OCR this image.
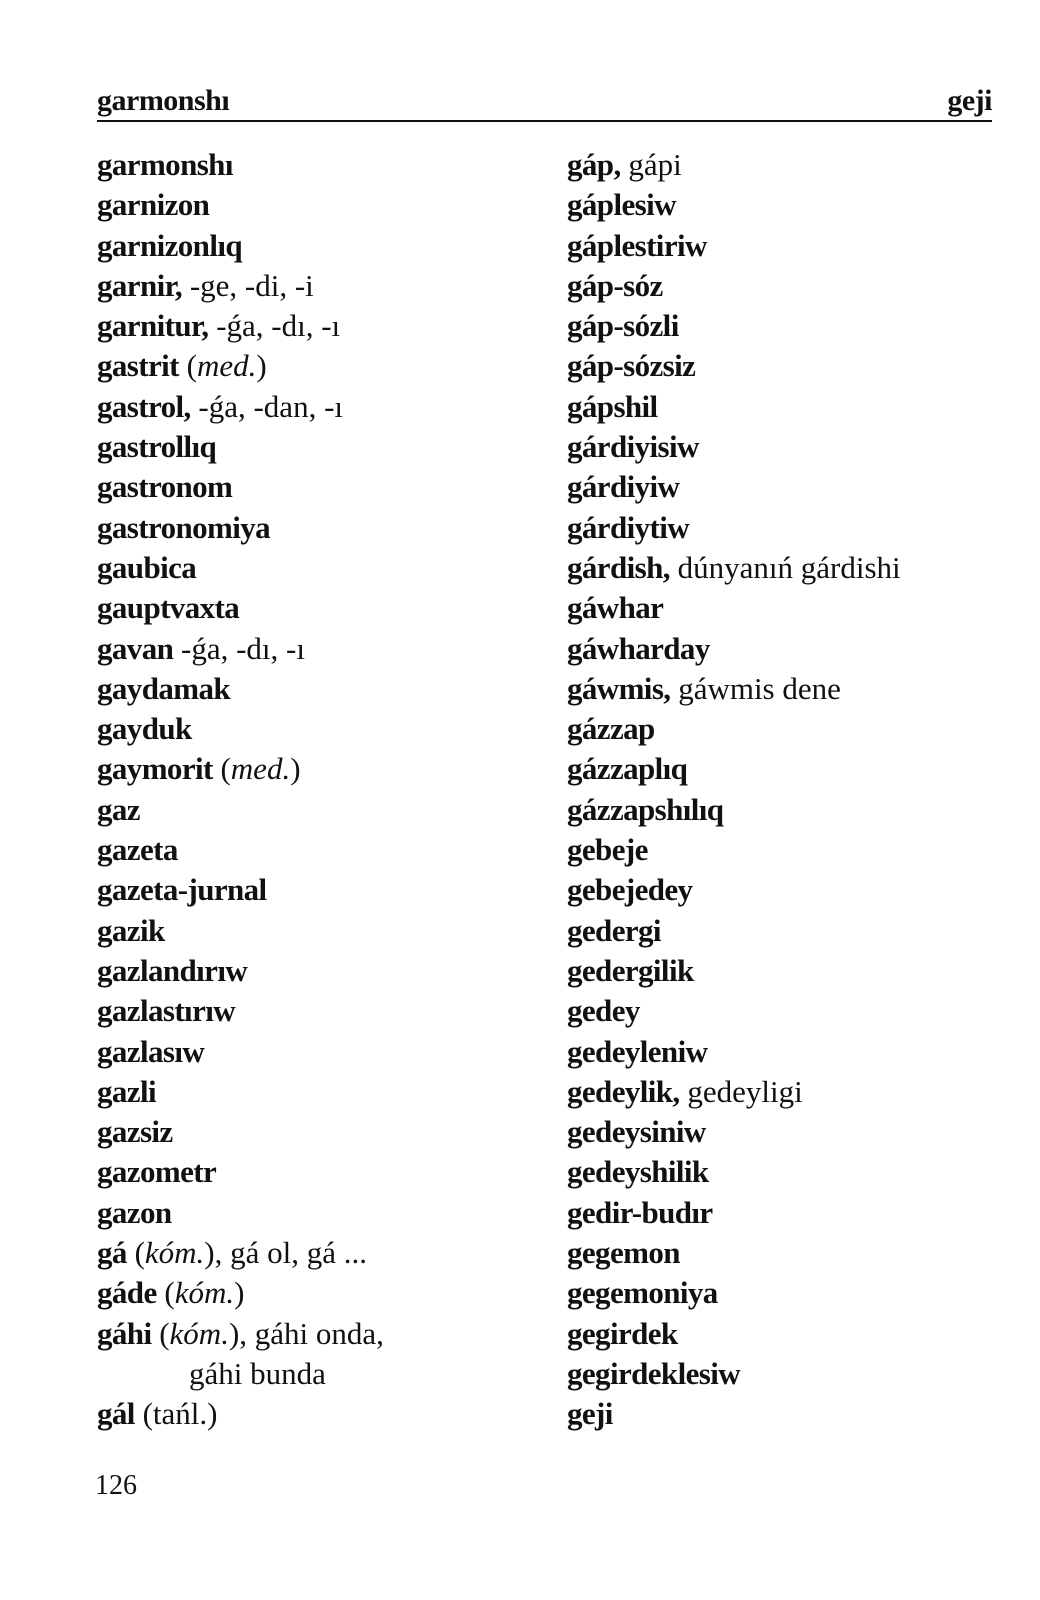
garmonshı	geji
garmonshı
garnizon
garnizonlıq
garnir, -ge, -di, -i
garnitur, -ǵa, -dı, -ı
gastrit (med.)
gastrol, -ǵa, -dan, -ı
gastrollıq
gastronom
gastronomiya
gaubica
gauptvaxta
gavan -ǵa, -dı, -ı
gaydamak
gayduk
gaymorit (med.)
gaz
gazeta
gazeta-jurnal
gazik
gazlandırıw
gazlastırıw
gazlasıw
gazli
gazsiz
gazometr
gazon
gá (kóm.), gá ol, gá ...
gáde (kóm.)
gáhi (kóm.), gáhi onda,
gáhi bunda
gál (tańl.)
gáp, gápi
gáplesiw
gáplestiriw
gáp-sóz
gáp-sózli
gáp-sózsiz
gápshil
gárdiyisiw
gárdiyiw
gárdiytiw
gárdish, dúnyanıń gárdishi
gáwhar
gáwharday
gáwmis, gáwmis dene
gázzap
gázzaplıq
gázzapshılıq
gebeje
gebejedey
gedergi
gedergilik
gedey
gedeyleniw
gedeylik, gedeyligi
gedeysiniw
gedeyshilik
gedir-budır
gegemon
gegemoniya
gegirdek
gegirdeklesiw
geji
126
